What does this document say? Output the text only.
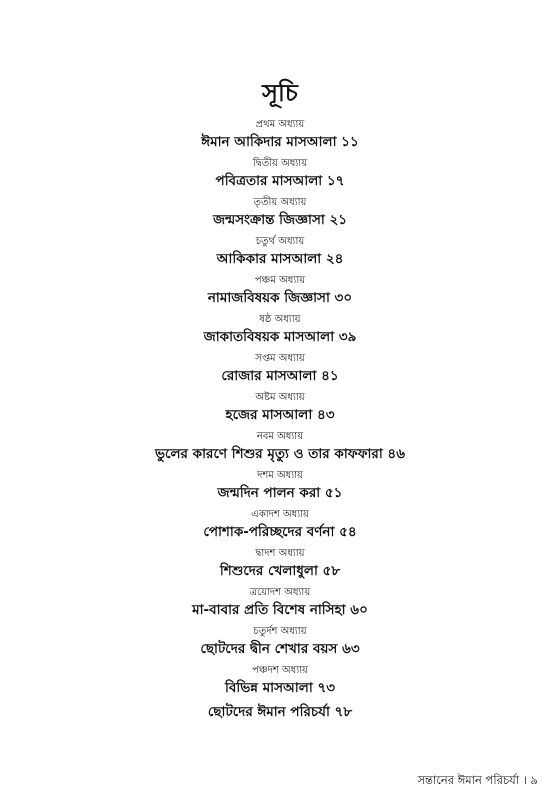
সূচি
প্রথম অধ্যায়
ঈমান আকিদার মাসআলা ১১
দ্বিতীয় অধ্যায়
পবিত্রতার মাসআলা ১৭
তৃতীয় অধ্যায়
জন্মসংক্রান্ত জিজ্ঞাসা ২১
চতুর্থ অধ্যায়
আকিকার মাসআলা ২৪
পঞ্চম অধ্যায়
নামাজবিষয়ক জিজ্ঞাসা ৩০
ষষ্ঠ অধ্যায়
জাকাতবিষয়ক মাসআলা ৩৯
সপ্তম অধ্যায়
রোজার মাসআলা ৪১
অষ্টম অধ্যায়
হজের মাসআলা ৪৩
নবম অধ্যায়
ভুলের কারণে শিশুর মৃত্যু ও তার কাফফারা ৪৬
দশম অধ্যায়
জন্মদিন পালন করা ৫১
একাদশ অধ্যায়
পোশাক-পরিচ্ছদের বর্ণনা ৫৪
দ্বাদশ অধ্যায়
শিশুদের খেলাধুলা ৫৮
ত্রয়োদশ অধ্যায়
মা-বাবার প্রতি বিশেষ নাসিহা ৬০
চতুর্দশ অধ্যায়
ছোটদের দ্বীন শেখার বয়স ৬৩
পঞ্চদশ অধ্যায়
বিভিন্ন মাসআলা ৭৩
ছোটদের ঈমান পরিচর্যা ৭৮
সন্তানের ঈমান পরিচর্যা । ৯
